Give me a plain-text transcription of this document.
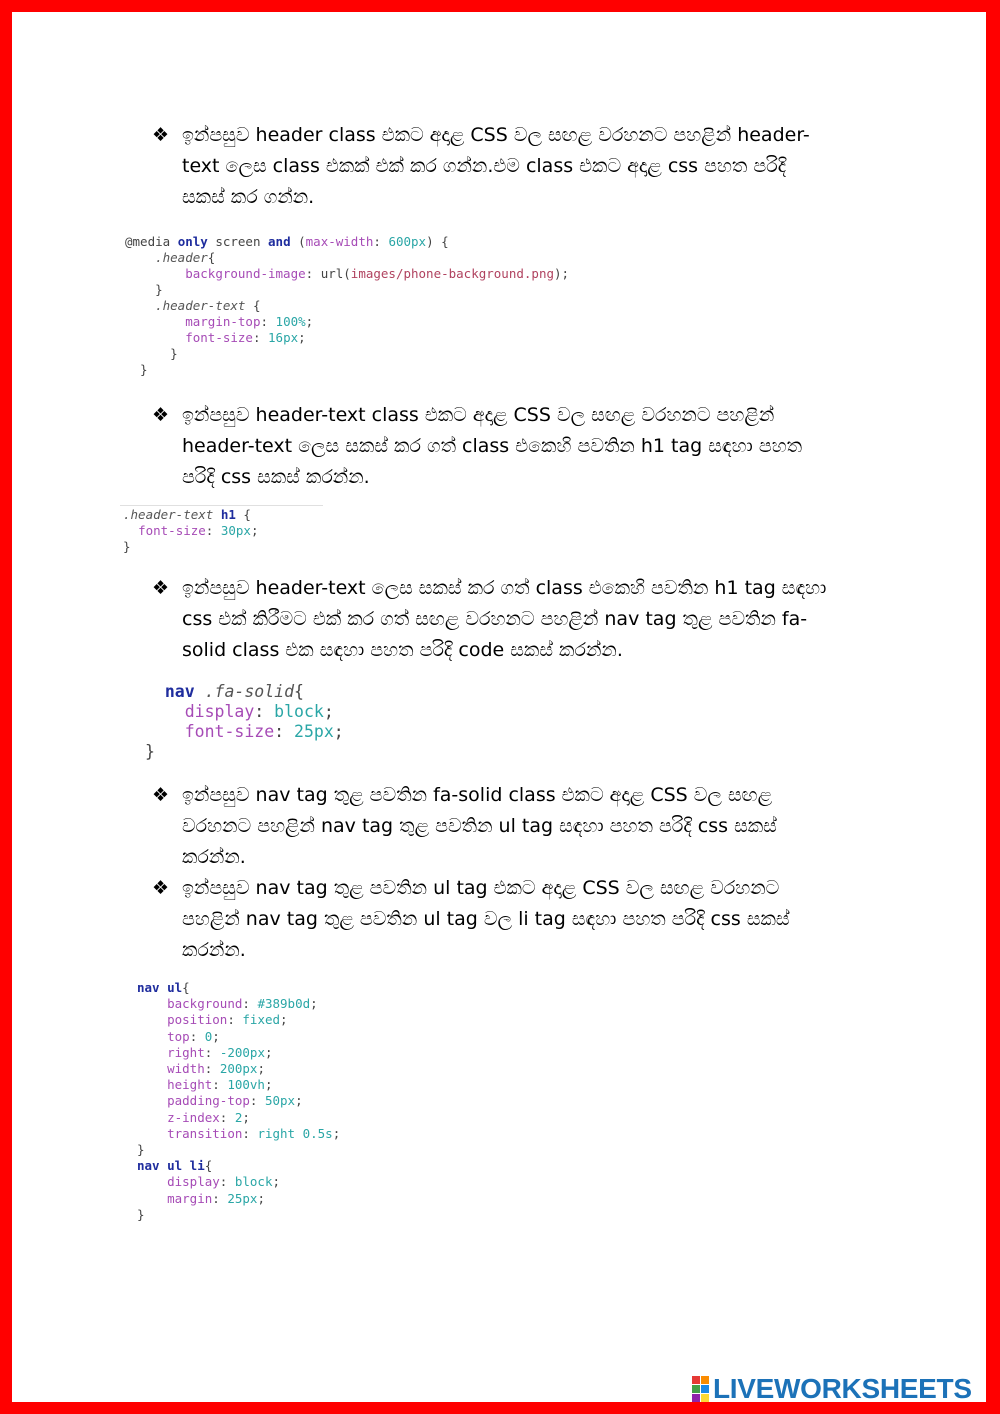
❖ ඉන්පසුව header class එකට අදාළ CSS වල සඟළ වරහනට පහළින් header-
text ලෙස class එකක් එක් කර ගන්න.එම class එකට අදාළ css පහත පරිදි
සකස් කර ගන්න.
@media only screen and (max-width: 600px) {
.header{
background-image: url(images/phone-background.png);
}
.header-text {
margin-top: 100%;
font-size: 16px;
}
}
❖ ඉන්පසුව header-text class එකට අදාළ CSS වල සඟළ වරහනට පහළින්
header-text ලෙස සකස් කර ගත් class එකෙහි පවතින h1 tag සඳහා පහත
පරිදි css සකස් කරන්න.
.header-text h1 {
font-size: 30px;
}
❖ ඉන්පසුව header-text ලෙස සකස් කර ගත් class එකෙහි පවතින h1 tag සඳහා
css එක් කිරීමට එක් කර ගත් සඟළ වරහනට පහළින් nav tag තුළ පවතින fa-
solid class එක සඳහා පහත පරිදි code සකස් කරන්න.
nav .fa-solid{
display: block;
font-size: 25px;
}
❖ ඉන්පසුව nav tag තුළ පවතින fa-solid class එකට අදාළ CSS වල සඟළ
වරහනට පහළින් nav tag තුළ පවතින ul tag සඳහා පහත පරිදි css සකස්
කරන්න.
❖ ඉන්පසුව nav tag තුළ පවතින ul tag එකට අදාළ CSS වල සඟළ වරහනට
පහළින් nav tag තුළ පවතින ul tag වල li tag සඳහා පහත පරිදි css සකස්
කරන්න.
nav ul{
background: #389b0d;
position: fixed;
top: 0;
right: -200px;
width: 200px;
height: 100vh;
padding-top: 50px;
z-index: 2;
transition: right 0.5s;
}
nav ul li{
display: block;
margin: 25px;
}
LIVEWORKSHEETS
